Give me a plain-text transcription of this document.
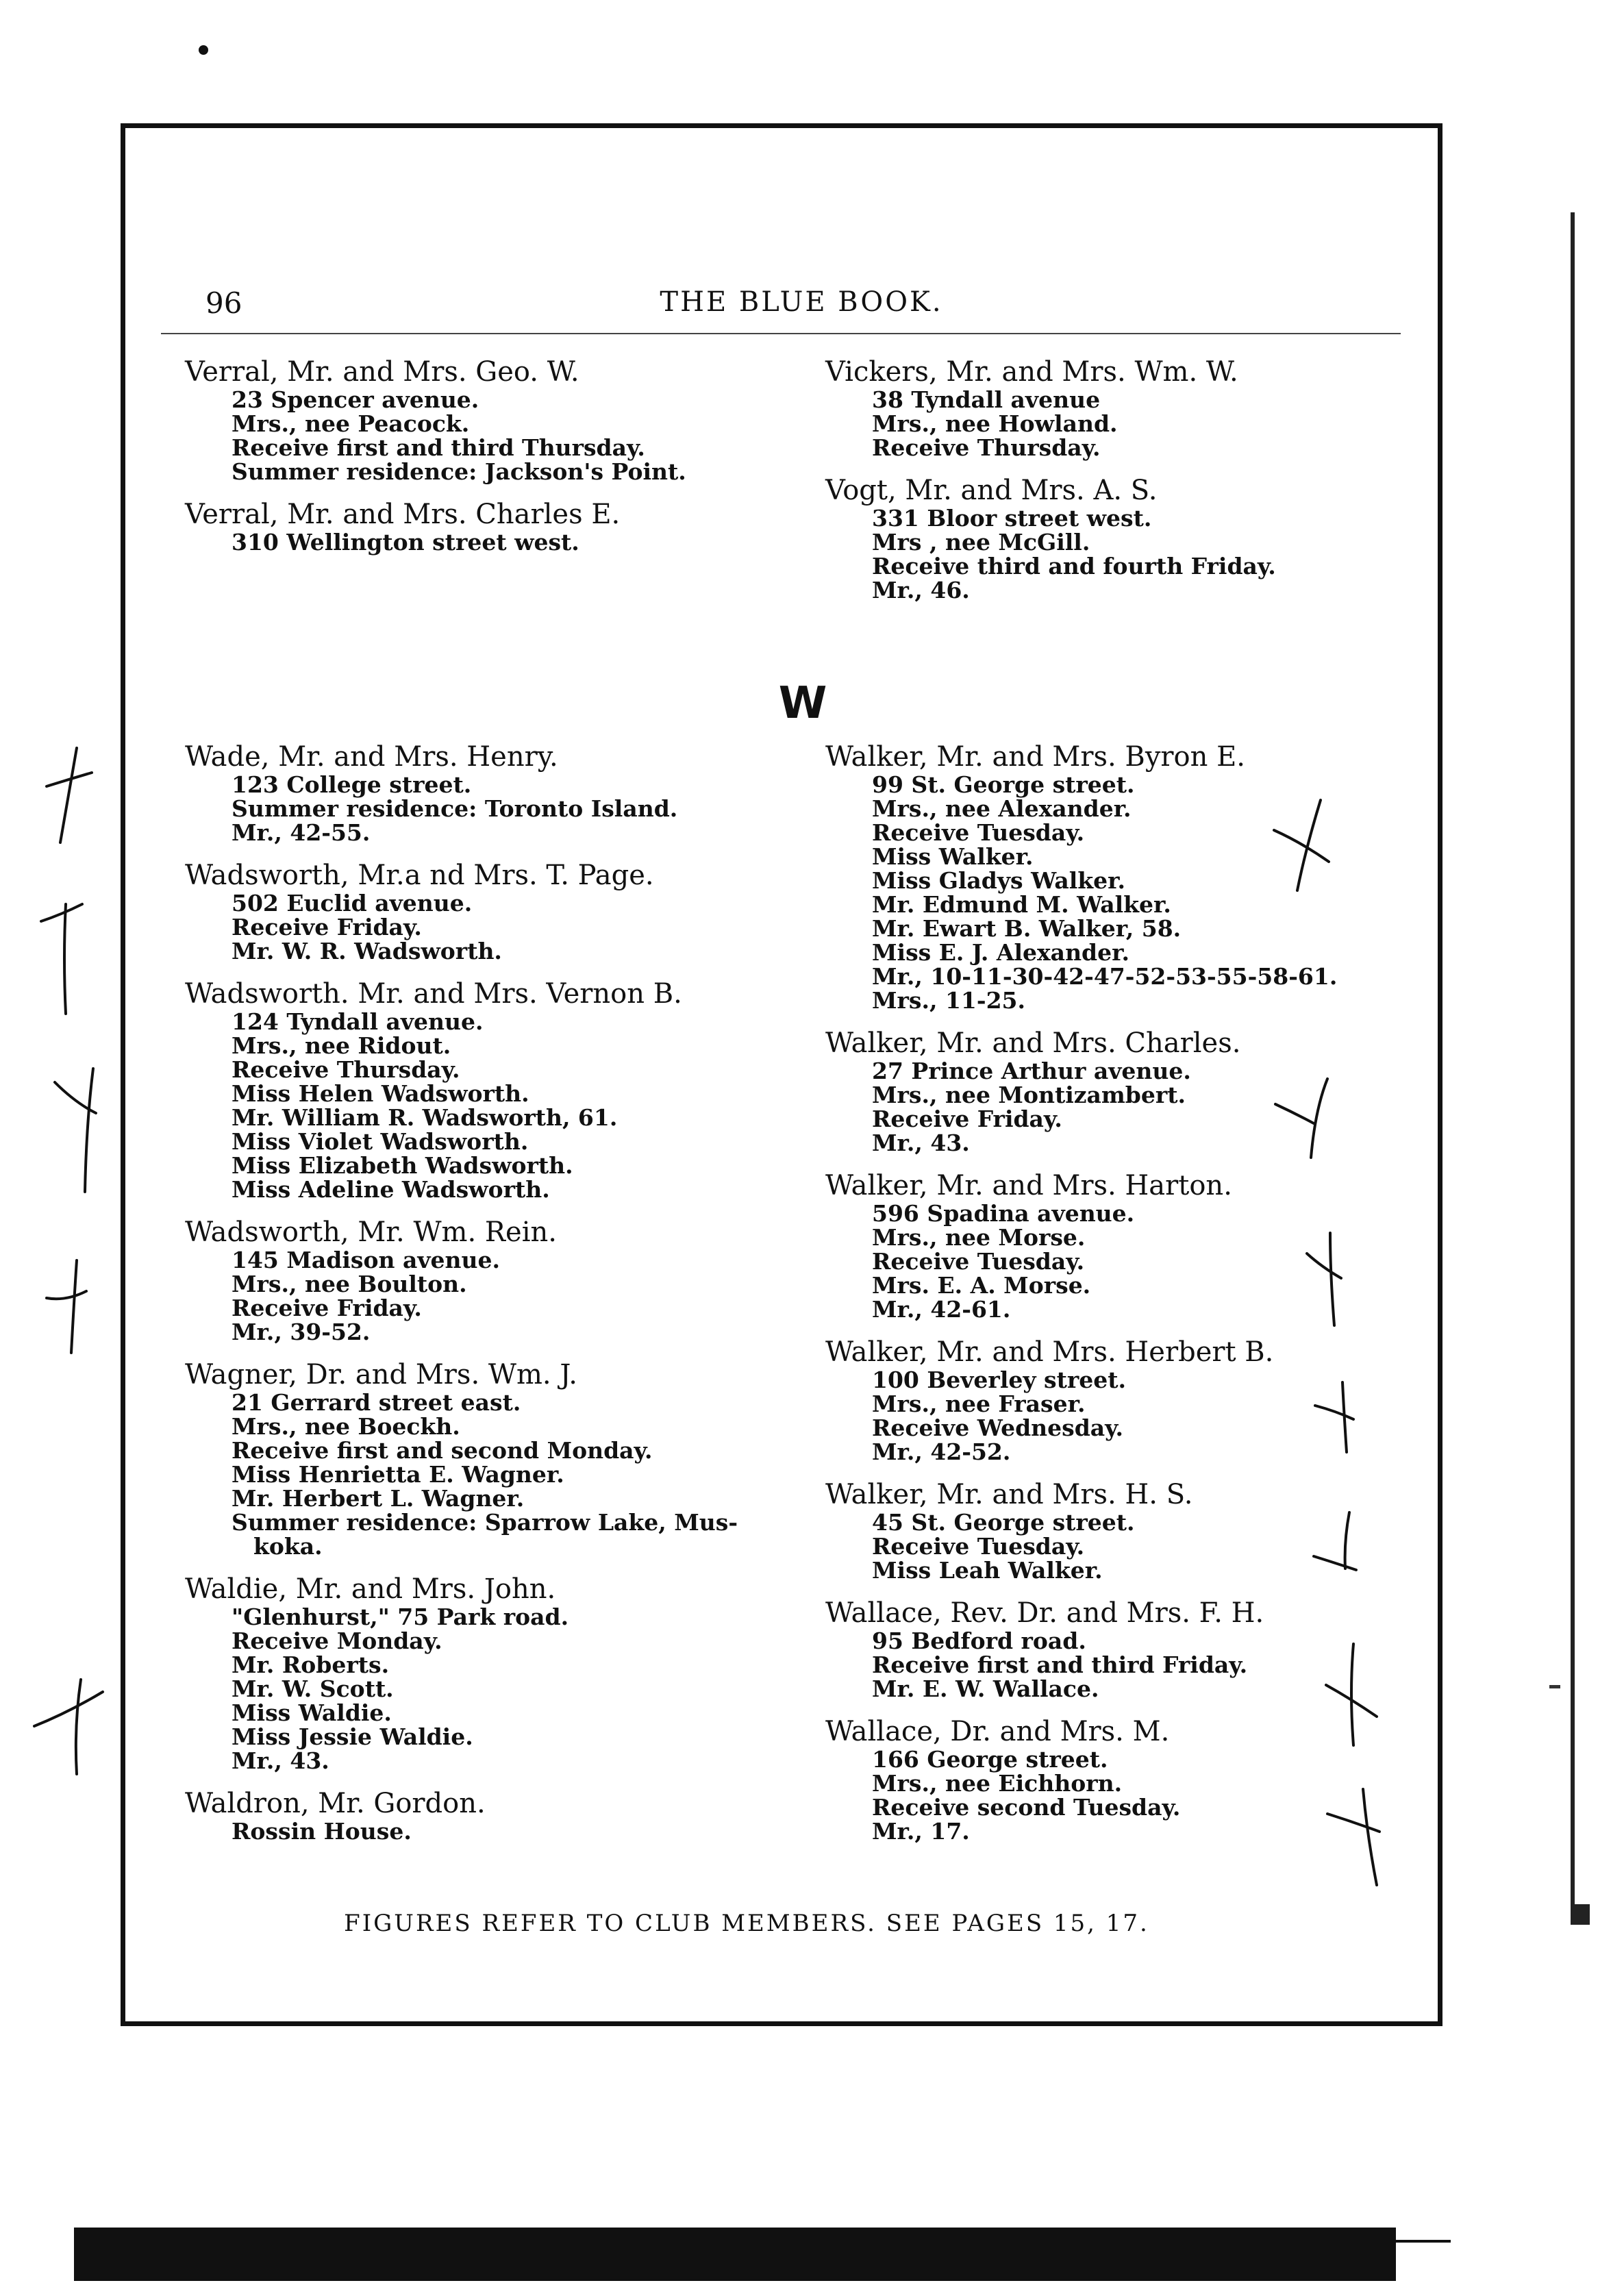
96	THE BLUE BOOK.
Verral, Mr. and Mrs. Geo. W.
23 Spencer avenue.
Mrs., nee Peacock.
Receive first and third Thursday.
Summer residence: Jackson's Point.
Verral, Mr. and Mrs. Charles E.
310 Wellington street west.
Vickers, Mr. and Mrs. Wm. W.
38 Tyndall avenue
Mrs., nee Howland.
Receive Thursday.
Vogt, Mr. and Mrs. A. S.
331 Bloor street west.
Mrs , nee McGill.
Receive third and fourth Friday.
Mr., 46.
W
Wade, Mr. and Mrs. Henry.
123 College street.
Summer residence: Toronto Island.
Mr., 42-55.
Wadsworth, Mr.a nd Mrs. T. Page.
502 Euclid avenue.
Receive Friday.
Mr. W. R. Wadsworth.
Wadsworth. Mr. and Mrs. Vernon B.
124 Tyndall avenue.
Mrs., nee Ridout.
Receive Thursday.
Miss Helen Wadsworth.
Mr. William R. Wadsworth, 61.
Miss Violet Wadsworth.
Miss Elizabeth Wadsworth.
Miss Adeline Wadsworth.
Wadsworth, Mr. Wm. Rein.
145 Madison avenue.
Mrs., nee Boulton.
Receive Friday.
Mr., 39-52.
Wagner, Dr. and Mrs. Wm. J.
21 Gerrard street east.
Mrs., nee Boeckh.
Receive first and second Monday.
Miss Henrietta E. Wagner.
Mr. Herbert L. Wagner.
Summer residence: Sparrow Lake, Mus-
koka.
Waldie, Mr. and Mrs. John.
"Glenhurst," 75 Park road.
Receive Monday.
Mr. Roberts.
Mr. W. Scott.
Miss Waldie.
Miss Jessie Waldie.
Mr., 43.
Waldron, Mr. Gordon.
Rossin House.
Walker, Mr. and Mrs. Byron E.
99 St. George street.
Mrs., nee Alexander.
Receive Tuesday.
Miss Walker.
Miss Gladys Walker.
Mr. Edmund M. Walker.
Mr. Ewart B. Walker, 58.
Miss E. J. Alexander.
Mr., 10-11-30-42-47-52-53-55-58-61.
Mrs., 11-25.
Walker, Mr. and Mrs. Charles.
27 Prince Arthur avenue.
Mrs., nee Montizambert.
Receive Friday.
Mr., 43.
Walker, Mr. and Mrs. Harton.
596 Spadina avenue.
Mrs., nee Morse.
Receive Tuesday.
Mrs. E. A. Morse.
Mr., 42-61.
Walker, Mr. and Mrs. Herbert B.
100 Beverley street.
Mrs., nee Fraser.
Receive Wednesday.
Mr., 42-52.
Walker, Mr. and Mrs. H. S.
45 St. George street.
Receive Tuesday.
Miss Leah Walker.
Wallace, Rev. Dr. and Mrs. F. H.
95 Bedford road.
Receive first and third Friday.
Mr. E. W. Wallace.
Wallace, Dr. and Mrs. M.
166 George street.
Mrs., nee Eichhorn.
Receive second Tuesday.
Mr., 17.
FIGURES REFER TO CLUB MEMBERS. SEE PAGES 15, 17.
